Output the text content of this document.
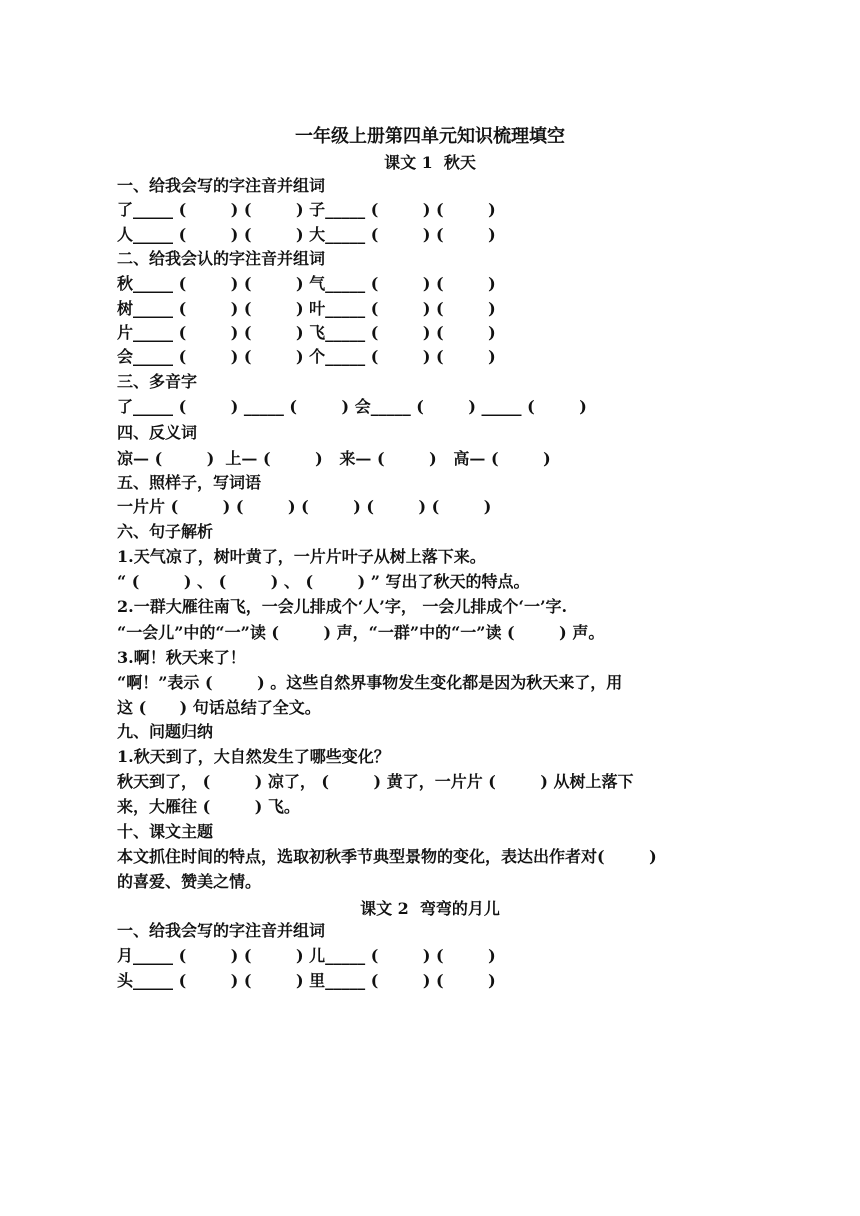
一年级上册第四单元知识梳理填空
课文 1  秋天
一、给我会写的字注音并组词
了_____ (        ) (        ) 子_____ (        ) (        )
人_____ (        ) (        ) 大_____ (        ) (        )
二、给我会认的字注音并组词
秋_____ (        ) (        ) 气_____ (        ) (        )
树_____ (        ) (        ) 叶_____ (        ) (        )
片_____ (        ) (        ) 飞_____ (        ) (        )
会_____ (        ) (        ) 个_____ (        ) (        )
三、多音字
了_____ (        ) _____ (        ) 会_____ (        ) _____ (        )
四、反义词
凉— (        )  上— (        )   来— (        )   高— (        )
五、照样子，写词语
一片片 (        ) (        ) (        ) (        ) (        )
六、句子解析
1.天气凉了，树叶黄了，一片片叶子从树上落下来。
“ (        ) 、 (        ) 、 (        ) ” 写出了秋天的特点。
2.一群大雁往南飞，一会儿排成个‘人’字， 一会儿排成个‘一’字.
“一会儿”中的“一”读 (        ) 声，“一群”中的“一”读 (        ) 声。
3.啊！秋天来了！
“啊！”表示 (        ) 。这些自然界事物发生变化都是因为秋天来了，用
这 (      ) 句话总结了全文。
九、问题归纳
1.秋天到了，大自然发生了哪些变化？
秋天到了， (        ) 凉了， (        ) 黄了，一片片 (        ) 从树上落下
来，大雁往 (        ) 飞。
十、课文主题
本文抓住时间的特点，选取初秋季节典型景物的变化，表达出作者对(        )
的喜爱、赞美之情。
课文 2  弯弯的月儿
一、给我会写的字注音并组词
月_____ (        ) (        ) 儿_____ (        ) (        )
头_____ (        ) (        ) 里_____ (        ) (        )
